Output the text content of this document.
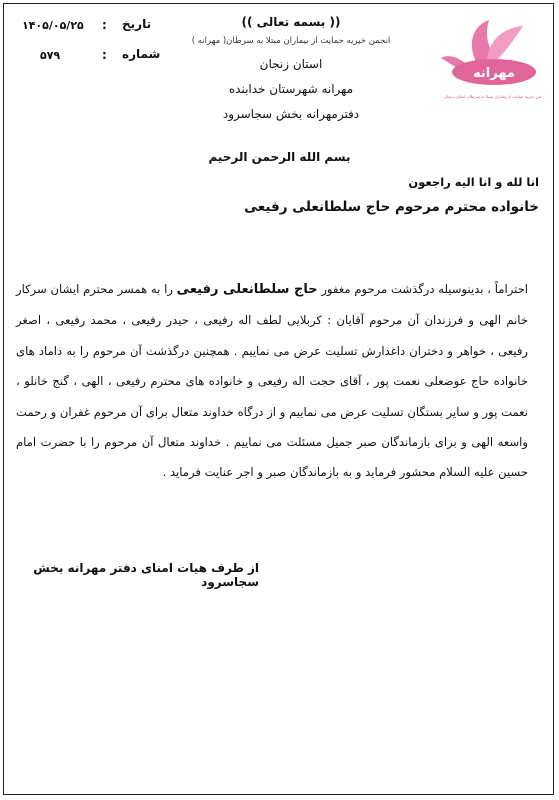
۱۴۰۵/۰۵/۲۵ : تاریخ
۵۷۹	: شماره
(( بسمه تعالی ))
انجمن خیریه حمایت از بیماران مبتلا به سرطان( مهرانه )
استان زنجان
مهرانه شهرستان خدابنده
دفترمهرانه بخش سجاسرود
مهرانه
انجمن خیریه حمایت از بیماران مبتلا به سرطان استان زنجان
بسم الله الرحمن الرحیم
انا لله و انا الیه راجعون
خانواده محترم مرحوم حاج سلطانعلی رفیعی
احتراماً ، بدینوسیله درگذشت مرحوم مغفور حاج سلطانعلی رفیعی را به همسر محترم ایشان سرکار خانم الهی و فرزندان آن مرحوم آقایان : کربلایی لطف اله رفیعی ، حیدر رفیعی ، محمد رفیعی ، اصغر رفیعی ، خواهر و دختران داغدارش تسلیت عرض می نماییم . همچنین درگذشت آن مرحوم را به داماد های خانواده حاج عوضعلی نعمت پور ، آقای حجت اله رفیعی و خانواده های محترم رفیعی ، الهی ، گنج خانلو ، نعمت پور و سایر بستگان تسلیت عرض می نماییم و از درگاه خداوند متعال برای آن مرحوم غفران و رحمت واسعه الهی و برای بازماندگان صبر جمیل مسئلت می نماییم . خداوند متعال آن مرحوم را با حضرت امام حسین علیه السلام محشور فرماید و به بازماندگان صبر و اجر عنایت فرماید .
از طرف هیات امنای دفتر مهرانه بخش سجاسرود
